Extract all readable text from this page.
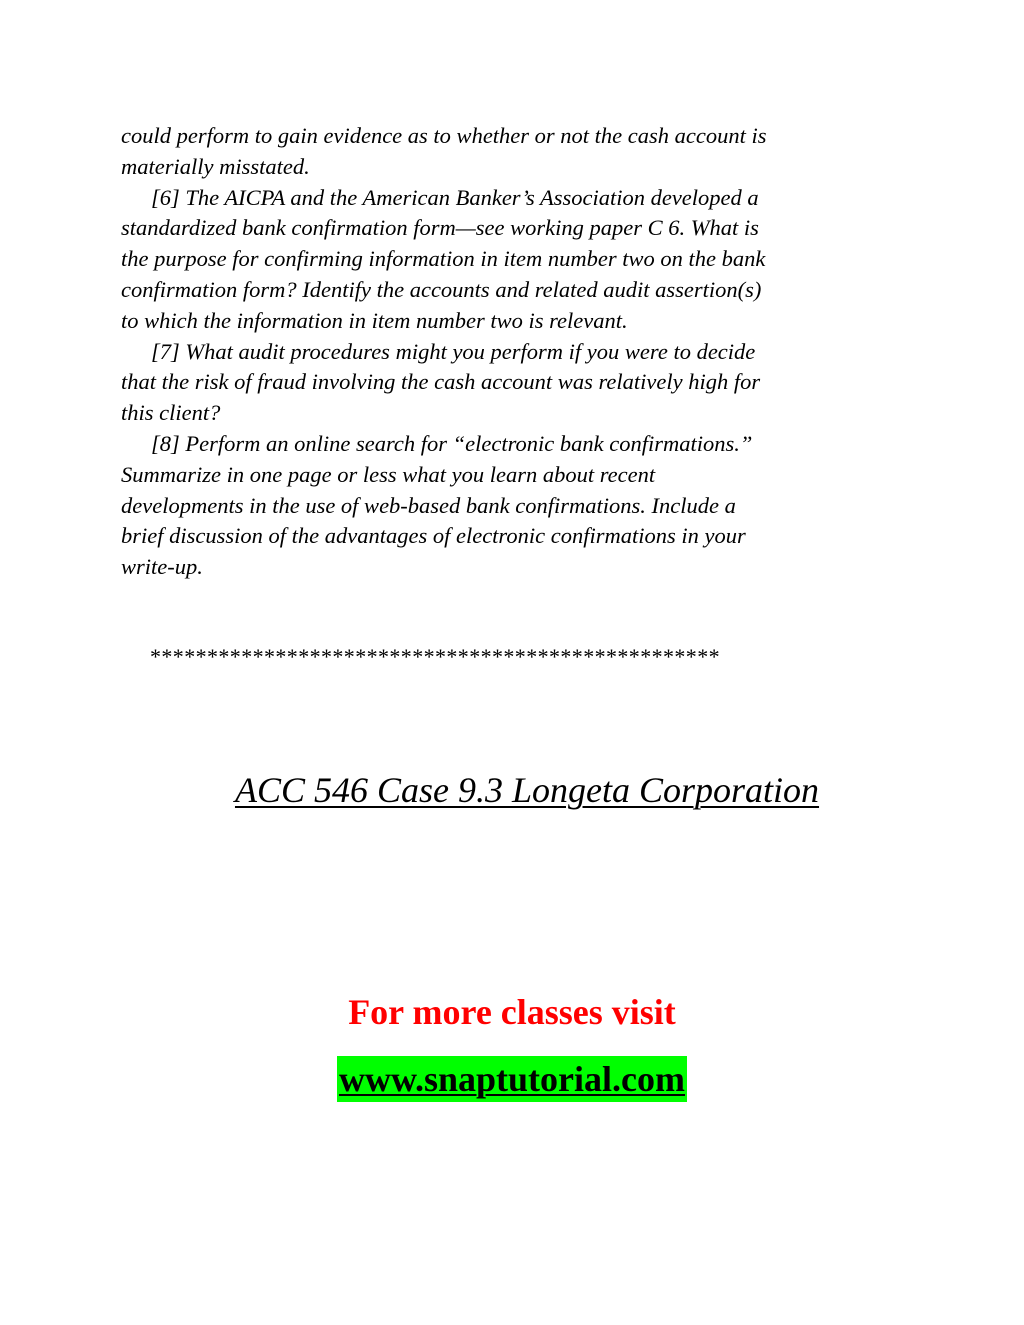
could perform to gain evidence as to whether or not the cash account is
materially misstated.
[6] The AICPA and the American Banker’s Association developed a
standardized bank confirmation form—see working paper C 6. What is
the purpose for confirming information in item number two on the bank
confirmation form? Identify the accounts and related audit assertion(s)
to which the information in item number two is relevant.
[7] What audit procedures might you perform if you were to decide
that the risk of fraud involving the cash account was relatively high for
this client?
[8] Perform an online search for “electronic bank confirmations.”
Summarize in one page or less what you learn about recent
developments in the use of web-based bank confirmations. Include a
brief discussion of the advantages of electronic confirmations in your
write-up.
**************************************************
ACC 546 Case 9.3 Longeta Corporation
For more classes visit
www.snaptutorial.com
